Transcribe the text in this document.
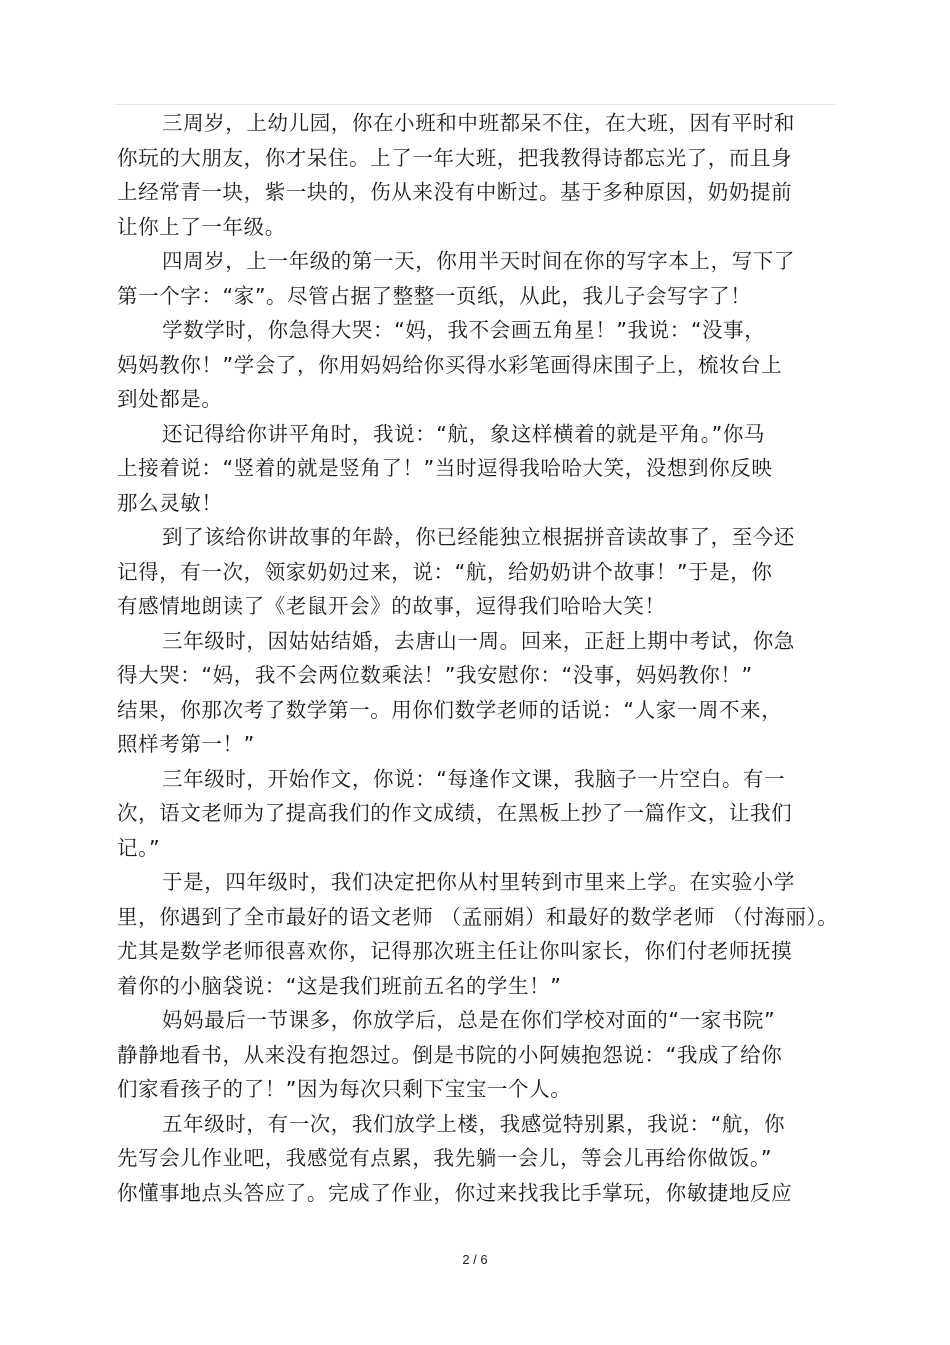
三周岁，上幼儿园，你在小班和中班都呆不住，在大班，因有平时和
你玩的大朋友，你才呆住。上了一年大班，把我教得诗都忘光了，而且身
上经常青一块，紫一块的，伤从来没有中断过。基于多种原因，奶奶提前
让你上了一年级。

四周岁，上一年级的第一天，你用半天时间在你的写字本上，写下了
第一个字：“家”。尽管占据了整整一页纸，从此，我儿子会写字了！

学数学时，你急得大哭：“妈，我不会画五角星！”我说：“没事，
妈妈教你！”学会了，你用妈妈给你买得水彩笔画得床围子上，梳妆台上
到处都是。

还记得给你讲平角时，我说：“航，象这样横着的就是平角。”你马
上接着说：“竖着的就是竖角了！”当时逗得我哈哈大笑，没想到你反映
那么灵敏！

到了该给你讲故事的年龄，你已经能独立根据拼音读故事了，至今还
记得，有一次，领家奶奶过来，说：“航，给奶奶讲个故事！”于是，你
有感情地朗读了《老鼠开会》的故事，逗得我们哈哈大笑！

三年级时，因姑姑结婚，去唐山一周。回来，正赶上期中考试，你急
得大哭：“妈，我不会两位数乘法！”我安慰你：“没事，妈妈教你！”
结果，你那次考了数学第一。用你们数学老师的话说：“人家一周不来，
照样考第一！”

三年级时，开始作文，你说：“每逢作文课，我脑子一片空白。有一
次，语文老师为了提高我们的作文成绩，在黑板上抄了一篇作文，让我们
记。”

于是，四年级时，我们决定把你从村里转到市里来上学。在实验小学
里，你遇到了全市最好的语文老师 （孟丽娟）和最好的数学老师 （付海丽）。
尤其是数学老师很喜欢你，记得那次班主任让你叫家长，你们付老师抚摸
着你的小脑袋说：“这是我们班前五名的学生！”

妈妈最后一节课多，你放学后，总是在你们学校对面的“一家书院”
静静地看书，从来没有抱怨过。倒是书院的小阿姨抱怨说：“我成了给你
们家看孩子的了！”因为每次只剩下宝宝一个人。

五年级时，有一次，我们放学上楼，我感觉特别累，我说：“航，你
先写会儿作业吧，我感觉有点累，我先躺一会儿，等会儿再给你做饭。”
你懂事地点头答应了。完成了作业，你过来找我比手掌玩，你敏捷地反应

2 / 6
